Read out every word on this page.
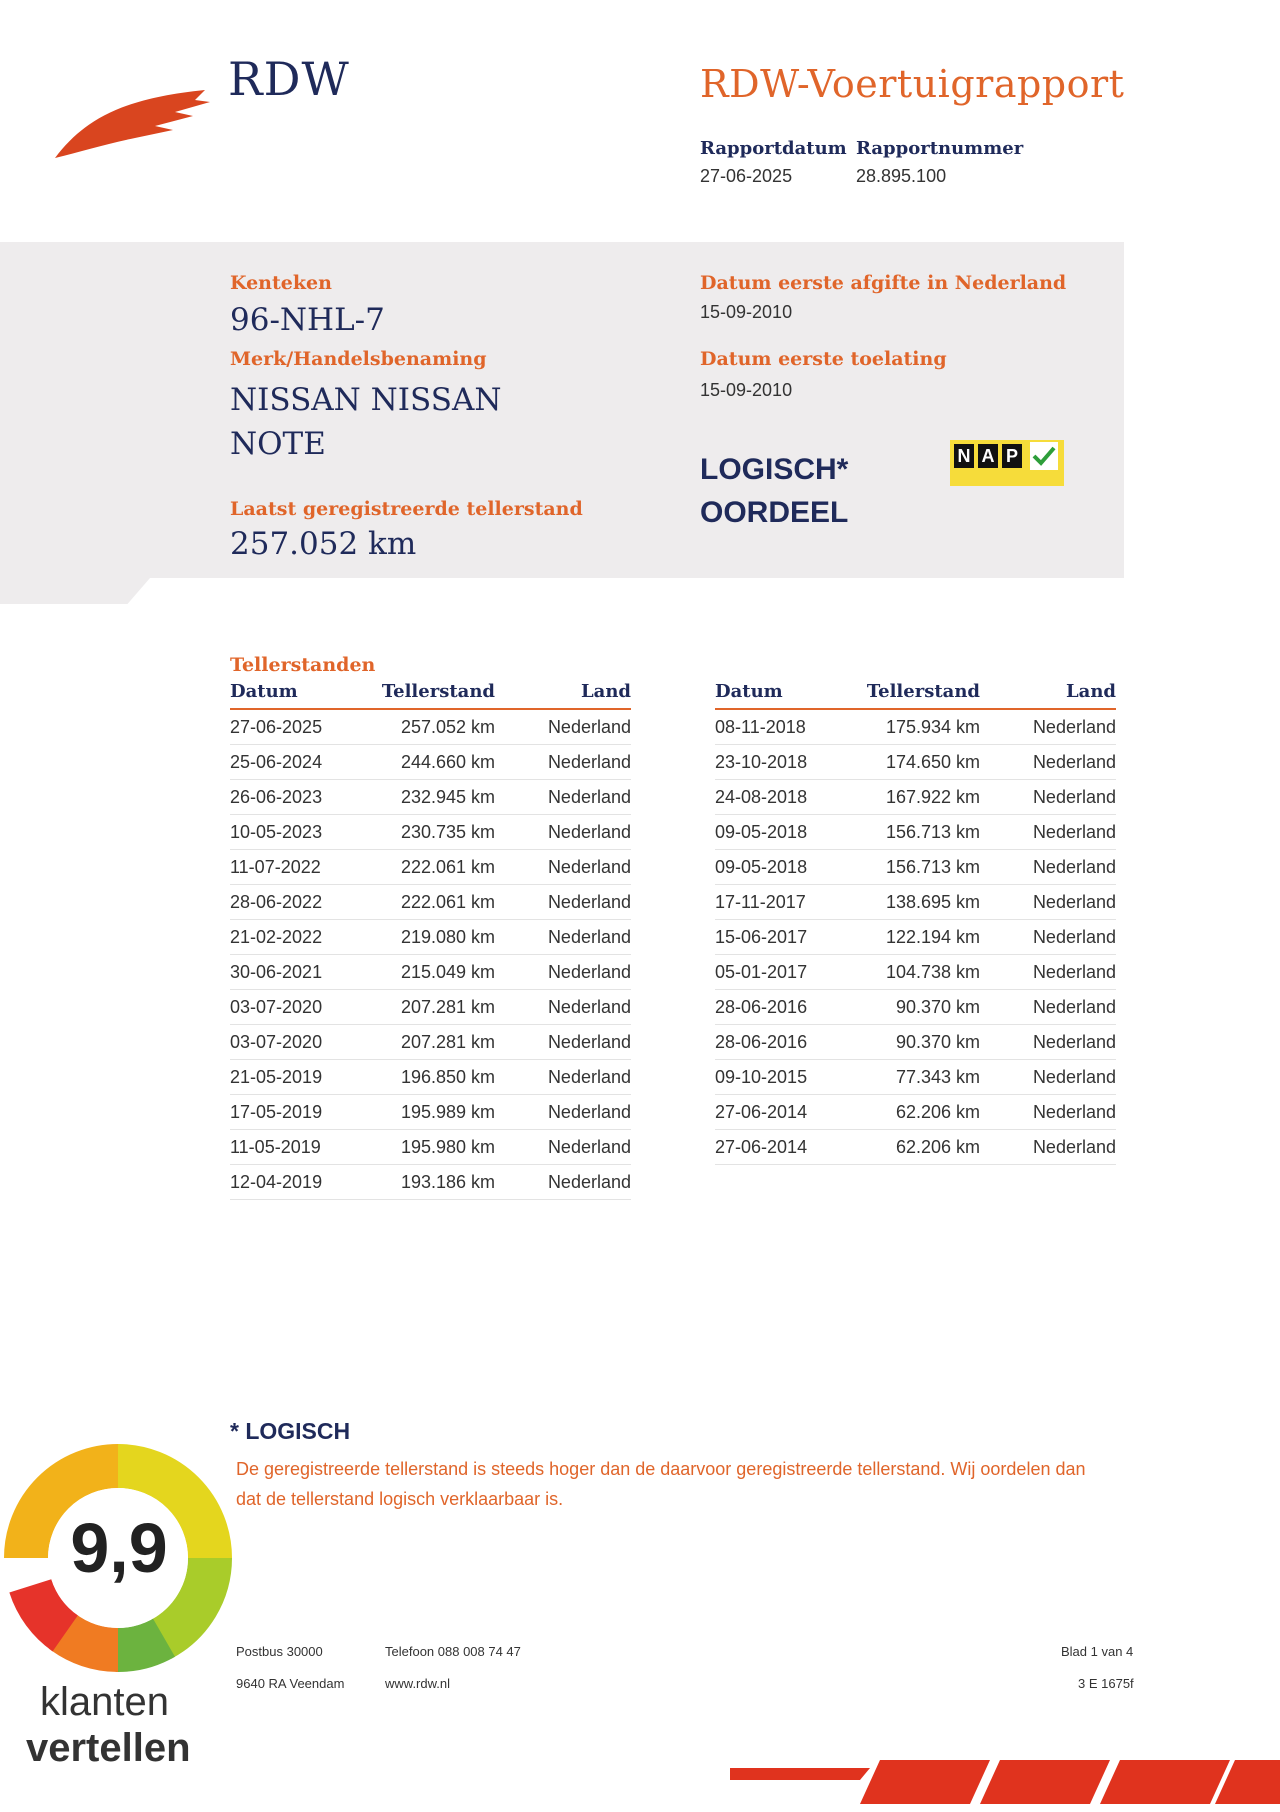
RDW	RDW-Voertuigrapport
Rapportdatum
27-06-2025
Rapportnummer
28.895.100
Kenteken
96-NHL-7
Merk/Handelsbenaming
NISSAN NISSAN
NOTE
Laatst geregistreerde tellerstand
257.052 km
Datum eerste afgifte in Nederland
15-09-2010
Datum eerste toelating
15-09-2010
LOGISCH*
OORDEEL
N A P
Tellerstanden
Datum	Tellerstand	Land
27-06-2025	257.052 km	Nederland
25-06-2024	244.660 km	Nederland
26-06-2023	232.945 km	Nederland
10-05-2023	230.735 km	Nederland
11-07-2022	222.061 km	Nederland
28-06-2022	222.061 km	Nederland
21-02-2022	219.080 km	Nederland
30-06-2021	215.049 km	Nederland
03-07-2020	207.281 km	Nederland
03-07-2020	207.281 km	Nederland
21-05-2019	196.850 km	Nederland
17-05-2019	195.989 km	Nederland
11-05-2019	195.980 km	Nederland
12-04-2019	193.186 km	Nederland
Datum	Tellerstand	Land
08-11-2018	175.934 km	Nederland
23-10-2018	174.650 km	Nederland
24-08-2018	167.922 km	Nederland
09-05-2018	156.713 km	Nederland
09-05-2018	156.713 km	Nederland
17-11-2017	138.695 km	Nederland
15-06-2017	122.194 km	Nederland
05-01-2017	104.738 km	Nederland
28-06-2016	90.370 km	Nederland
28-06-2016	90.370 km	Nederland
09-10-2015	77.343 km	Nederland
27-06-2014	62.206 km	Nederland
27-06-2014	62.206 km	Nederland
* LOGISCH
De geregistreerde tellerstand is steeds hoger dan de daarvoor geregistreerde tellerstand. Wij oordelen dan
dat de tellerstand logisch verklaarbaar is.
Postbus 30000
9640 RA Veendam
Telefoon 088 008 74 47
www.rdw.nl
Blad 1 van 4
3 E 1675f
9,9
klanten
vertellen
